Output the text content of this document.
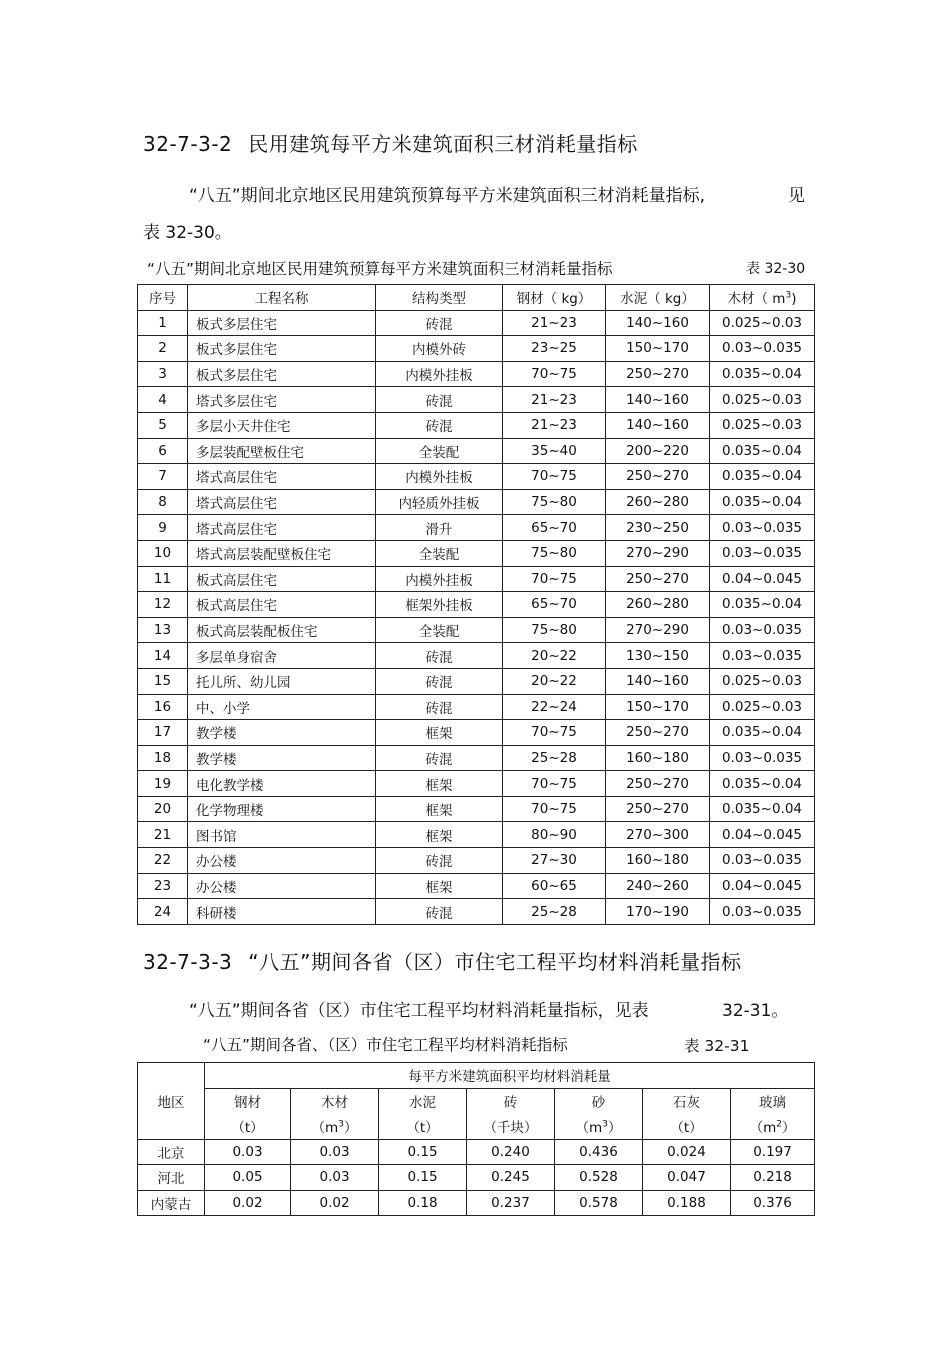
32-7-3-2 民用建筑每平方米建筑面积三材消耗量指标
“八五”期间北京地区民用建筑预算每平方米建筑面积三材消耗量指标,	见
表 32-30。
“八五”期间北京地区民用建筑预算每平方米建筑面积三材消耗量指标	表 32-30
序号	工程名称	结构类型	钢材（ kg）	水泥（ kg）	木材（ $m^3$)
1	板式多层住宅	砖混	21~23	140~160	0.025~0.03
2	板式多层住宅	内模外砖	23~25	150~170	0.03~0.035
3	板式多层住宅	内模外挂板	70~75	250~270	0.035~0.04
4	塔式多层住宅	砖混	21~23	140~160	0.025~0.03
5	多层小天井住宅	砖混	21~23	140~160	0.025~0.03
6	多层装配壁板住宅	全装配	35~40	200~220	0.035~0.04
7	塔式高层住宅	内模外挂板	70~75	250~270	0.035~0.04
8	塔式高层住宅	内轻质外挂板	75~80	260~280	0.035~0.04
9	塔式高层住宅	滑升	65~70	230~250	0.03~0.035
10	塔式高层装配壁板住宅	全装配	75~80	270~290	0.03~0.035
11	板式高层住宅	内模外挂板	70~75	250~270	0.04~0.045
12	板式高层住宅	框架外挂板	65~70	260~280	0.035~0.04
13	板式高层装配板住宅	全装配	75~80	270~290	0.03~0.035
14	多层单身宿舍	砖混	20~22	130~150	0.03~0.035
15	托儿所、幼儿园	砖混	20~22	140~160	0.025~0.03
16	中、小学	砖混	22~24	150~170	0.025~0.03
17	教学楼	框架	70~75	250~270	0.035~0.04
18	教学楼	砖混	25~28	160~180	0.03~0.035
19	电化教学楼	框架	70~75	250~270	0.035~0.04
20	化学物理楼	框架	70~75	250~270	0.035~0.04
21	图书馆	框架	80~90	270~300	0.04~0.045
22	办公楼	砖混	27~30	160~180	0.03~0.035
23	办公楼	框架	60~65	240~260	0.04~0.045
24	科研楼	砖混	25~28	170~190	0.03~0.035
32-7-3-3 “八五”期间各省（区）市住宅工程平均材料消耗量指标
“八五”期间各省（区）市住宅工程平均材料消耗量指标，见表	32-31。
“八五”期间各省、（区）市住宅工程平均材料消耗指标	表 32-31
地区	每平方米建筑面积平均材料消耗量						
	钢材	木材	水泥	砖	砂	石灰	玻璃
	（t）	$(m^3)$	（t）	（千块）	$(m^3)$	（t）	$(m^2)$
北京	0.03	0.03	0.15	0.240	0.436	0.024	0.197
河北	0.05	0.03	0.15	0.245	0.528	0.047	0.218
内蒙古	0.02	0.02	0.18	0.237	0.578	0.188	0.376
